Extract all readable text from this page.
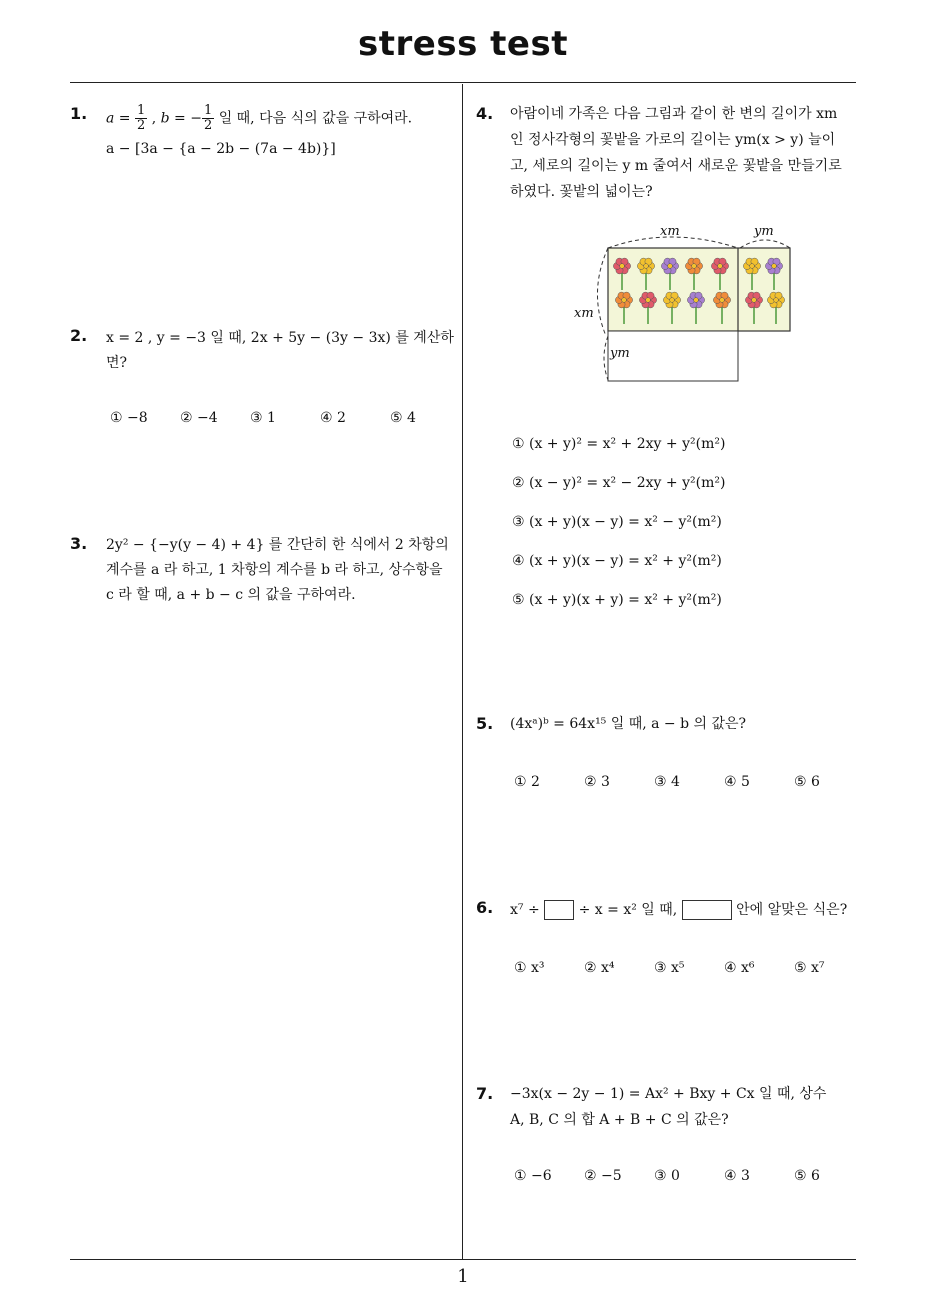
stress test
1
1. $a = \frac{1}{2}$ , b = − $\frac{1}{2}$ 일 때, 다음 식의 값을 구하여라.
a − [3a − {a − 2b − (7a − 4b)}]
2. x = 2 , y = −3 일 때, 2x + 5y − (3y − 3x) 를 계산하
면?
① −8 ② −4 ③ 1	④ 2	⑤ 4
3. 2y² − {−y(y − 4) + 4} 를 간단히 한 식에서 2 차항의
계수를 a 라 하고, 1 차항의 계수를 b 라 하고, 상수항을
c 라 할 때, a + b − c 의 값을 구하여라.
4. 아람이네 가족은 다음 그림과 같이 한 변의 길이가 xm
인 정사각형의 꽃밭을 가로의 길이는 ym(x > y) 늘이
고, 세로의 길이는 y m 줄여서 새로운 꽃밭을 만들기로
하였다. 꽃밭의 넓이는?
xm	ym
xm
ym
① (x + y)² = x² + 2xy + y²(m²)
② (x − y)² = x² − 2xy + y²(m²)
③ (x + y)(x − y) = x² − y²(m²)
④ (x + y)(x − y) = x² + y²(m²)
⑤ (x + y)(x + y) = x² + y²(m²)
5. (4xᵃ)ᵇ = 64x¹⁵ 일 때, a − b 의 값은?
① 2	② 3	③ 4	④ 5	⑤ 6
6. x⁷ ÷	÷ x = x² 일 때,	안에 알맞은 식은?
① x³	② x⁴	③ x⁵	④ x⁶	⑤ x⁷
7. −3x(x − 2y − 1) = Ax² + Bxy + Cx 일 때, 상수
A, B, C 의 합 A + B + C 의 값은?
① −6 ② −5 ③ 0	④ 3	⑤ 6
